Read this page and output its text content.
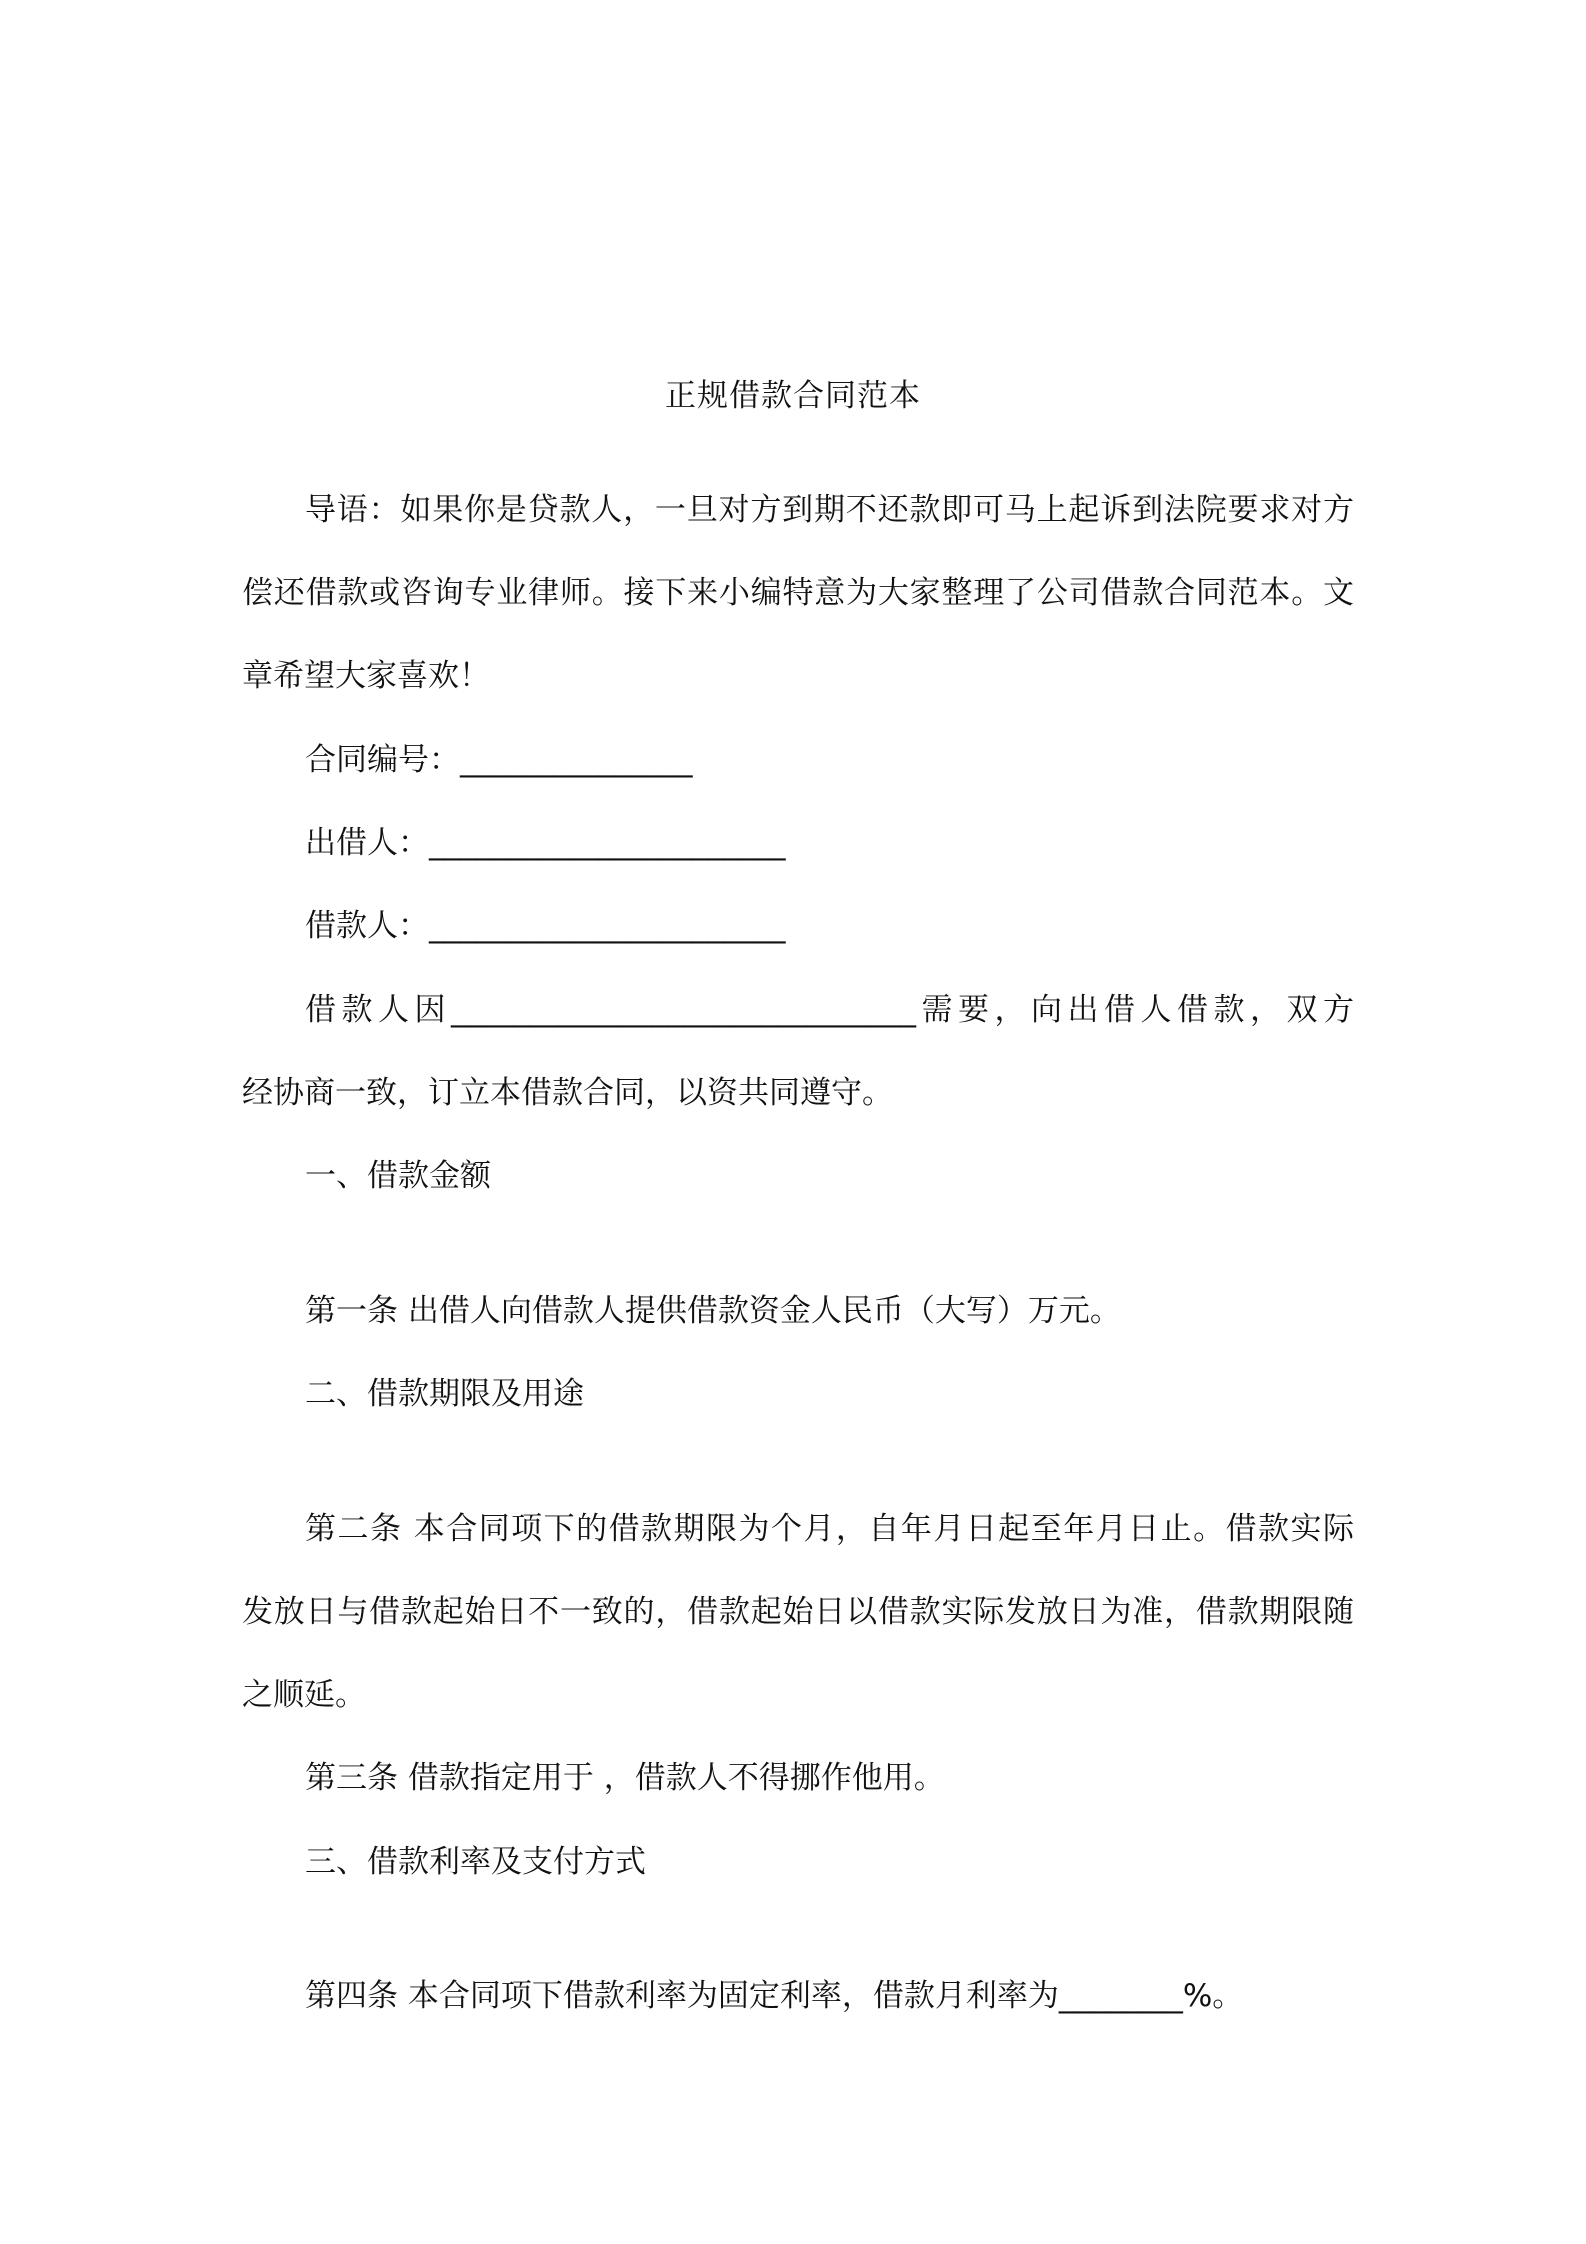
正规借款合同范本
导语：如果你是贷款人，一旦对方到期不还款即可马上起诉到法院要求对方
偿还借款或咨询专业律师。接下来小编特意为大家整理了公司借款合同范本。文
章希望大家喜欢！
合同编号：_______________
出借人：_______________________
借款人：_______________________
借款人因______________________________需要，向出借人借款，双方
经协商一致，订立本借款合同，以资共同遵守。
一、借款金额
第一条 出借人向借款人提供借款资金人民币（大写）万元。
二、借款期限及用途
第二条 本合同项下的借款期限为个月，自年月日起至年月日止。借款实际
发放日与借款起始日不一致的，借款起始日以借款实际发放日为准，借款期限随
之顺延。
第三条 借款指定用于 ，借款人不得挪作他用。
三、借款利率及支付方式
第四条 本合同项下借款利率为固定利率，借款月利率为________%。
